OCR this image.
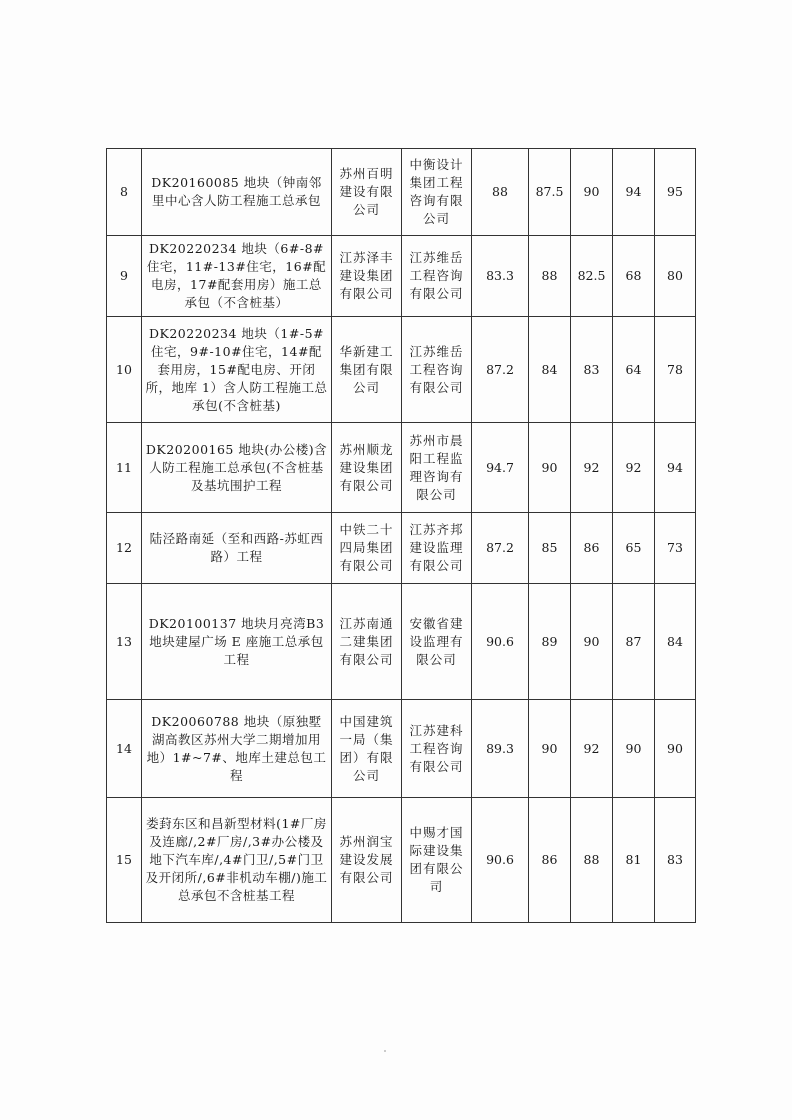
8	DK20160085 地块（钟南邻里中心含人防工程施工总承包	苏州百明建设有限公司	中衡设计集团工程咨询有限公司	88	87.5	90	94	95
9	DK20220234 地块（6#-8#住宅，11#-13#住宅，16#配电房，17#配套用房）施工总承包（不含桩基）	江苏泽丰建设集团有限公司	江苏维岳工程咨询有限公司	83.3	88	82.5	68	80
10	DK20220234 地块（1#-5#住宅，9#-10#住宅，14#配套用房，15#配电房、开闭所，地库 1）含人防工程施工总承包(不含桩基)	华新建工集团有限公司	江苏维岳工程咨询有限公司	87.2	84	83	64	78
11	DK20200165 地块(办公楼)含人防工程施工总承包(不含桩基及基坑围护工程	苏州顺龙建设集团有限公司	苏州市晨阳工程监理咨询有限公司	94.7	90	92	92	94
12	陆泾路南延（至和西路-苏虹西路）工程	中铁二十四局集团有限公司	江苏齐邦建设监理有限公司	87.2	85	86	65	73
13	DK20100137 地块月亮湾B3 地块建屋广场 E 座施工总承包工程	江苏南通二建集团有限公司	安徽省建设监理有限公司	90.6	89	90	87	84
14	DK20060788 地块（原独墅湖高教区苏州大学二期增加用地）1#~7#、地库土建总包工程	中国建筑一局（集团）有限公司	江苏建科工程咨询有限公司	89.3	90	92	90	90
15	娄葑东区和昌新型材料(1#厂房及连廊/,2#厂房/,3#办公楼及地下汽车库/,4#门卫/,5#门卫及开闭所/,6#非机动车棚/)施工总承包不含桩基工程	苏州润宝建设发展有限公司	中赐才国际建设集团有限公司	90.6	86	88	81	83
